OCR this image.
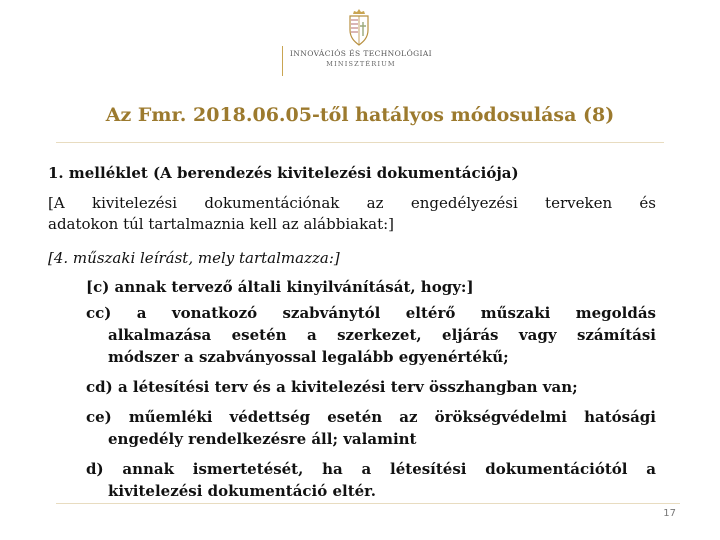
INNOVÁCIÓS ÉS TECHNOLÓGIAI
MINISZTÉRIUM
Az Fmr. 2018.06.05-től hatályos módosulása (8)
1. melléklet (A berendezés kivitelezési dokumentációja)
[A kivitelezési dokumentációnak az engedélyezési terveken és
adatokon túl tartalmaznia kell az alábbiakat:]
[4. műszaki leírást, mely tartalmazza:]
[c) annak tervező általi kinyilvánítását, hogy:]
cc) a vonatkozó szabványtól eltérő műszaki megoldás
alkalmazása esetén a szerkezet, eljárás vagy számítási
módszer a szabványossal legalább egyenértékű;
cd) a létesítési terv és a kivitelezési terv összhangban van;
ce) műemléki védettség esetén az örökségvédelmi hatósági
engedély rendelkezésre áll; valamint
d) annak ismertetését, ha a létesítési dokumentációtól a
kivitelezési dokumentáció eltér.
17
